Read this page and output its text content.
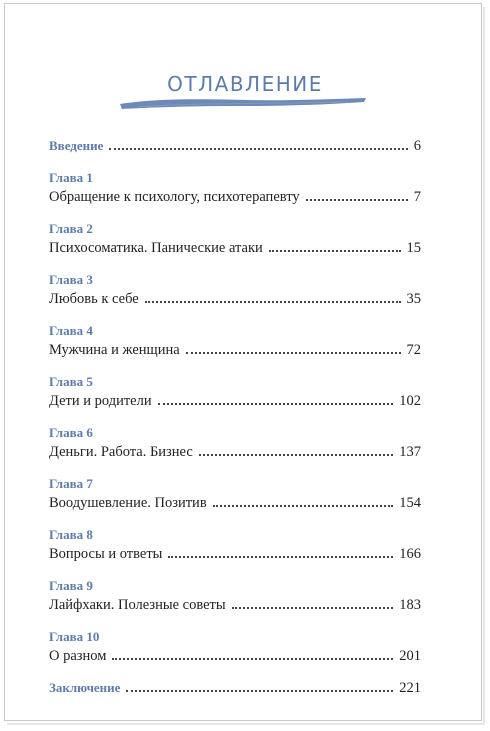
ОТЛАВЛЕНИЕ
Введение	6
Глава 1
Обращение к психологу, психотерапевту	7
Глава 2
Психосоматика. Панические атаки	15
Глава 3
Любовь к себе	35
Глава 4
Мужчина и женщина	72
Глава 5
Дети и родители	102
Глава 6
Деньги. Работа. Бизнес	137
Глава 7
Воодушевление. Позитив	154
Глава 8
Вопросы и ответы	166
Глава 9
Лайфхаки. Полезные советы	183
Глава 10
О разном	201
Заключение	221
